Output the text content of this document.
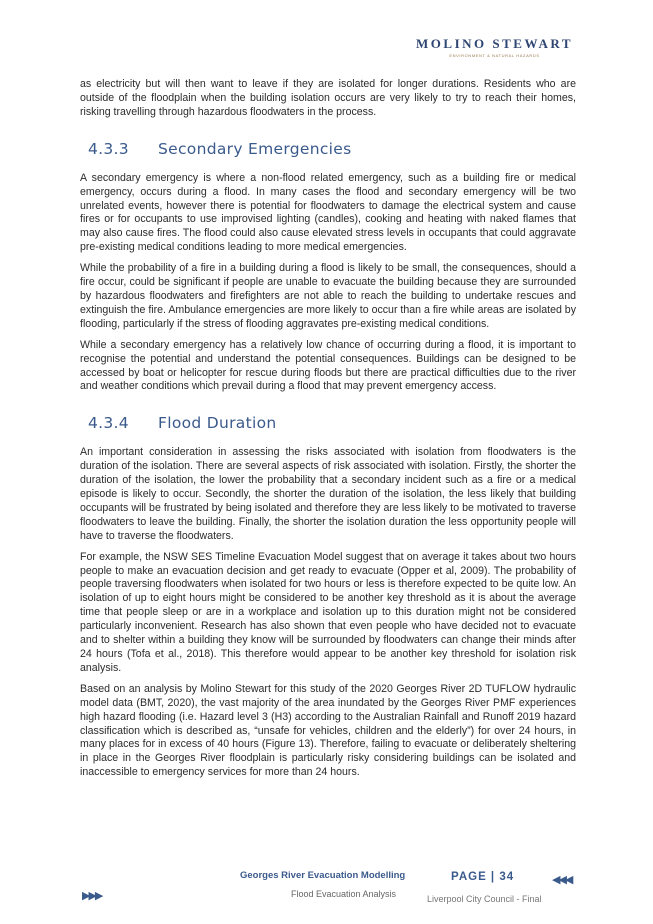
MOLINO STEWART
ENVIRONMENT & NATURAL HAZARDS

as electricity but will then want to leave if they are isolated for longer durations. Residents who are outside of the floodplain when the building isolation occurs are very likely to try to reach their homes, risking travelling through hazardous floodwaters in the process.

4.3.3 Secondary Emergencies

A secondary emergency is where a non-flood related emergency, such as a building fire or medical emergency, occurs during a flood. In many cases the flood and secondary emergency will be two unrelated events, however there is potential for floodwaters to damage the electrical system and cause fires or for occupants to use improvised lighting (candles), cooking and heating with naked flames that may also cause fires. The flood could also cause elevated stress levels in occupants that could aggravate pre-existing medical conditions leading to more medical emergencies.

While the probability of a fire in a building during a flood is likely to be small, the consequences, should a fire occur, could be significant if people are unable to evacuate the building because they are surrounded by hazardous floodwaters and firefighters are not able to reach the building to undertake rescues and extinguish the fire. Ambulance emergencies are more likely to occur than a fire while areas are isolated by flooding, particularly if the stress of flooding aggravates pre-existing medical conditions.

While a secondary emergency has a relatively low chance of occurring during a flood, it is important to recognise the potential and understand the potential consequences. Buildings can be designed to be accessed by boat or helicopter for rescue during floods but there are practical difficulties due to the river and weather conditions which prevail during a flood that may prevent emergency access.

4.3.4 Flood Duration

An important consideration in assessing the risks associated with isolation from floodwaters is the duration of the isolation. There are several aspects of risk associated with isolation. Firstly, the shorter the duration of the isolation, the lower the probability that a secondary incident such as a fire or a medical episode is likely to occur. Secondly, the shorter the duration of the isolation, the less likely that building occupants will be frustrated by being isolated and therefore they are less likely to be motivated to traverse floodwaters to leave the building. Finally, the shorter the isolation duration the less opportunity people will have to traverse the floodwaters.

For example, the NSW SES Timeline Evacuation Model suggest that on average it takes about two hours people to make an evacuation decision and get ready to evacuate (Opper et al, 2009). The probability of people traversing floodwaters when isolated for two hours or less is therefore expected to be quite low. An isolation of up to eight hours might be considered to be another key threshold as it is about the average time that people sleep or are in a workplace and isolation up to this duration might not be considered particularly inconvenient. Research has also shown that even people who have decided not to evacuate and to shelter within a building they know will be surrounded by floodwaters can change their minds after 24 hours (Tofa et al., 2018). This therefore would appear to be another key threshold for isolation risk analysis.

Based on an analysis by Molino Stewart for this study of the 2020 Georges River 2D TUFLOW hydraulic model data (BMT, 2020), the vast majority of the area inundated by the Georges River PMF experiences high hazard flooding (i.e. Hazard level 3 (H3) according to the Australian Rainfall and Runoff 2019 hazard classification which is described as, “unsafe for vehicles, children and the elderly”) for over 24 hours, in many places for in excess of 40 hours (Figure 13). Therefore, failing to evacuate or deliberately sheltering in place in the Georges River floodplain is particularly risky considering buildings can be isolated and inaccessible to emergency services for more than 24 hours.

Georges River Evacuation Modelling
Flood Evacuation Analysis
PAGE | 34
Liverpool City Council - Final
▶▶▶
◀◀◀
